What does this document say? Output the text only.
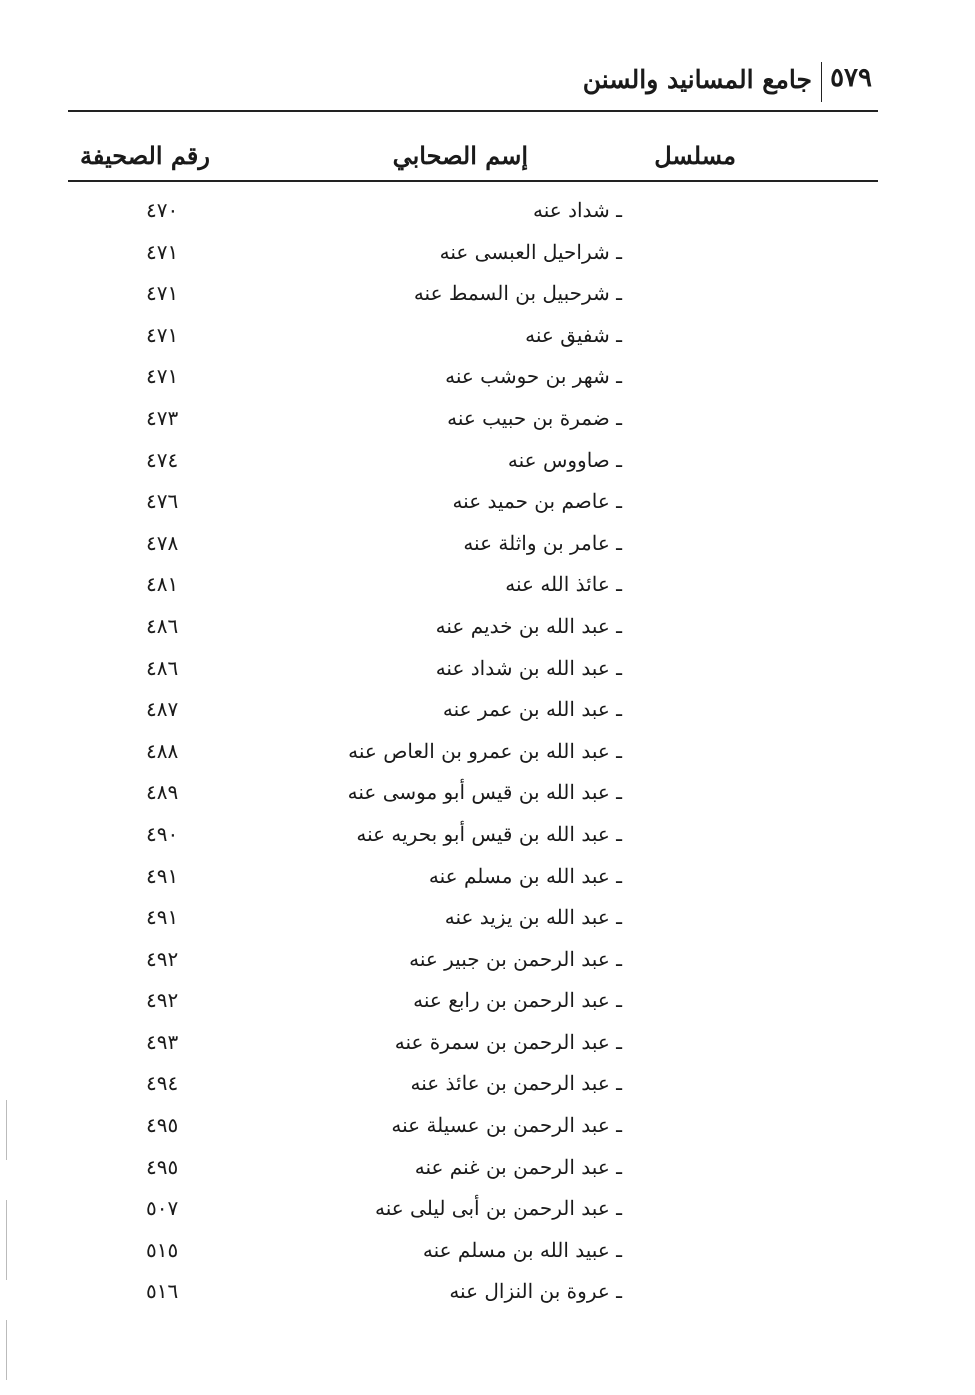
٥٧٩
جامع المسانيد والسنن
مسلسل
إسم الصحابي
رقم الصحيفة
ـ شداد عنه
٤٧٠
ـ شراحيل العبسى عنه
٤٧١
ـ شرحبيل بن السمط عنه
٤٧١
ـ شفيق عنه
٤٧١
ـ شهر بن حوشب عنه
٤٧١
ـ ضمرة بن حبيب عنه
٤٧٣
ـ صاووس عنه
٤٧٤
ـ عاصم بن حميد عنه
٤٧٦
ـ عامر بن واثلة عنه
٤٧٨
ـ عائذ الله عنه
٤٨١
ـ عبد الله بن خديم عنه
٤٨٦
ـ عبد الله بن شداد عنه
٤٨٦
ـ عبد الله بن عمر عنه
٤٨٧
ـ عبد الله بن عمرو بن العاص عنه
٤٨٨
ـ عبد الله بن قيس أبو موسى عنه
٤٨٩
ـ عبد الله بن قيس أبو بحريه عنه
٤٩٠
ـ عبد الله بن مسلم عنه
٤٩١
ـ عبد الله بن يزيد عنه
٤٩١
ـ عبد الرحمن بن جبير عنه
٤٩٢
ـ عبد الرحمن بن رابع عنه
٤٩٢
ـ عبد الرحمن بن سمرة عنه
٤٩٣
ـ عبد الرحمن بن عائذ عنه
٤٩٤
ـ عبد الرحمن بن عسيلة عنه
٤٩٥
ـ عبد الرحمن بن غنم عنه
٤٩٥
ـ عبد الرحمن بن أبى ليلى عنه
٥٠٧
ـ عبيد الله بن مسلم عنه
٥١٥
ـ عروة بن النزال عنه
٥١٦
